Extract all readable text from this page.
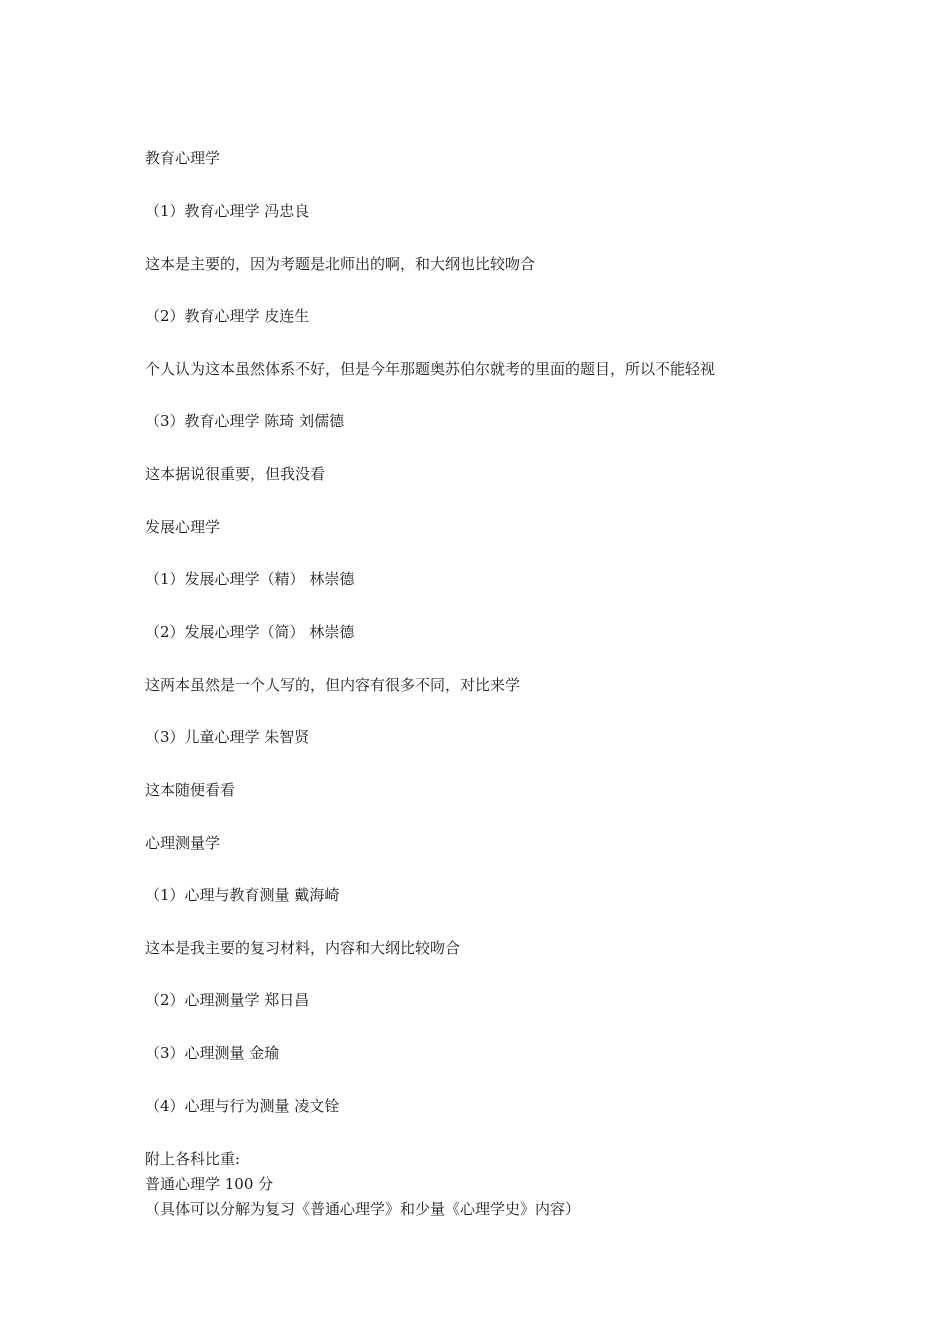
教育心理学
（1）教育心理学 冯忠良
这本是主要的，因为考题是北师出的啊，和大纲也比较吻合
（2）教育心理学 皮连生
个人认为这本虽然体系不好，但是今年那题奥苏伯尔就考的里面的题目，所以不能轻视
（3）教育心理学 陈琦 刘儒德
这本据说很重要，但我没看
发展心理学
（1）发展心理学（精） 林崇德
（2）发展心理学（简） 林崇德
这两本虽然是一个人写的，但内容有很多不同，对比来学
（3）儿童心理学 朱智贤
这本随便看看
心理测量学
（1）心理与教育测量 戴海崎
这本是我主要的复习材料，内容和大纲比较吻合
（2）心理测量学 郑日昌
（3）心理测量 金瑜
（4）心理与行为测量 凌文铨
附上各科比重:
普通心理学 100 分
（具体可以分解为复习《普通心理学》和少量《心理学史》内容）
